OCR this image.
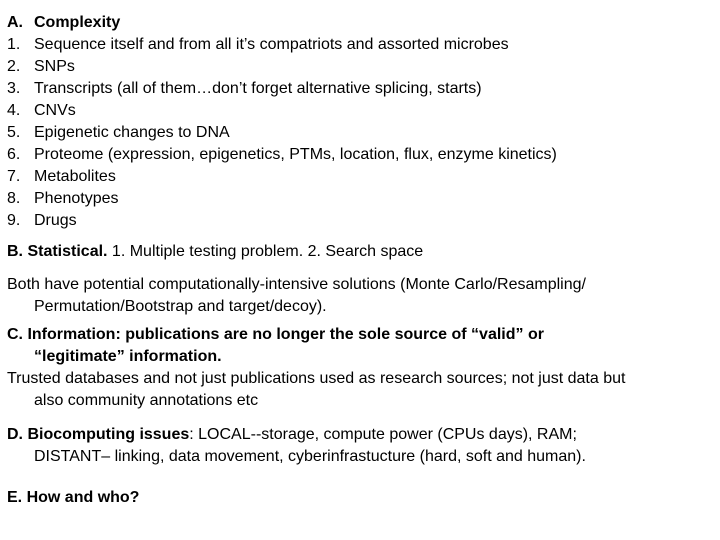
A. Complexity
1. Sequence itself and from all it’s compatriots and assorted microbes
2. SNPs
3. Transcripts (all of them…don’t forget alternative splicing, starts)
4. CNVs
5. Epigenetic changes to DNA
6. Proteome (expression, epigenetics, PTMs, location, flux, enzyme kinetics)
7. Metabolites
8. Phenotypes
9. Drugs
B. Statistical. 1. Multiple testing problem. 2. Search space
Both have potential computationally-intensive solutions (Monte Carlo/Resampling/
Permutation/Bootstrap and target/decoy).
C. Information: publications are no longer the sole source of “valid” or
“legitimate” information.
Trusted databases and not just publications used as research sources; not just data but
also community annotations etc
D. Biocomputing issues: LOCAL--storage, compute power (CPUs days), RAM;
DISTANT– linking, data movement, cyberinfrastucture (hard, soft and human).
E. How and who?
